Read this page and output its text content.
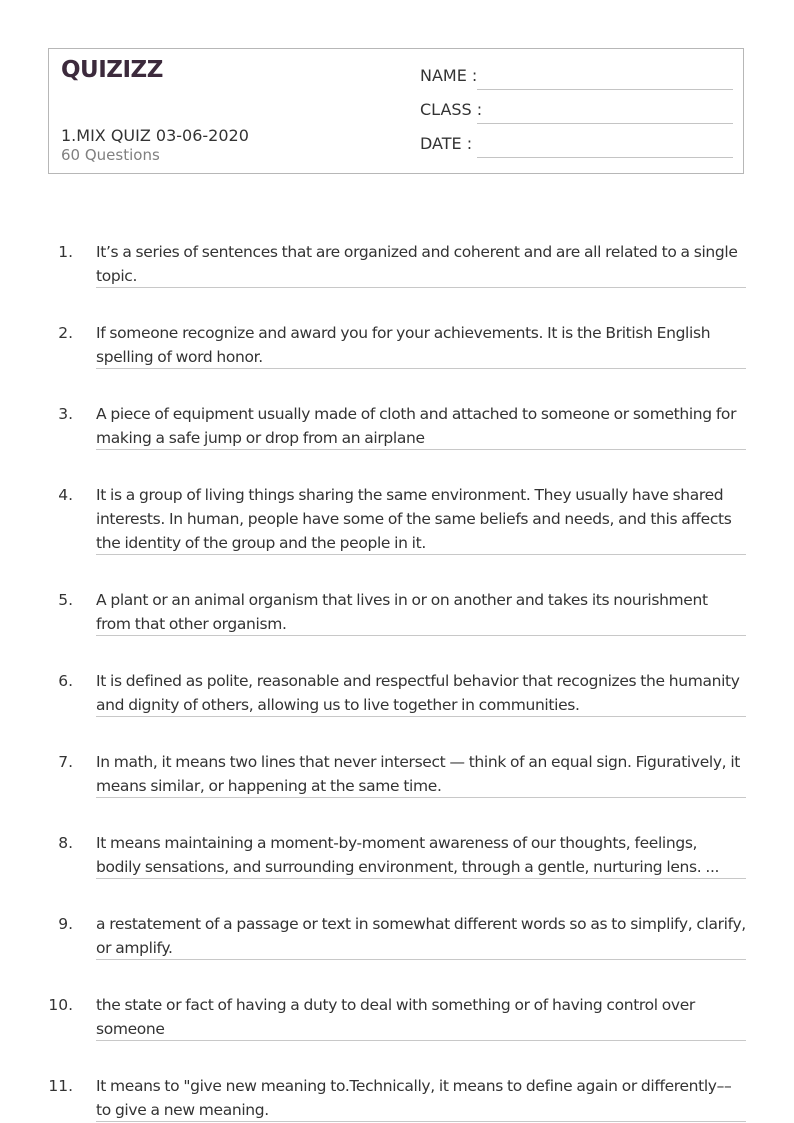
QUIZIZZ
1.MIX QUIZ 03-06-2020
60 Questions
NAME :
CLASS :
DATE :
1. It’s a series of sentences that are organized and coherent and are all related to a single topic.
2. If someone recognize and award you for your achievements. It is the British English spelling of word honor.
3. A piece of equipment usually made of cloth and attached to someone or something for making a safe jump or drop from an airplane
4. It is a group of living things sharing the same environment. They usually have shared interests. In human, people have some of the same beliefs and needs, and this affects the identity of the group and the people in it.
5. A plant or an animal organism that lives in or on another and takes its nourishment from that other organism.
6. It is defined as polite, reasonable and respectful behavior that recognizes the humanity and dignity of others, allowing us to live together in communities.
7. In math, it means two lines that never intersect — think of an equal sign. Figuratively, it means similar, or happening at the same time.
8. It means maintaining a moment-by-moment awareness of our thoughts, feelings, bodily sensations, and surrounding environment, through a gentle, nurturing lens. ...
9. a restatement of a passage or text in somewhat different words so as to simplify, clarify, or amplify.
10. the state or fact of having a duty to deal with something or of having control over someone
11. It means to "give new meaning to.Technically, it means to define again or differently––to give a new meaning.
